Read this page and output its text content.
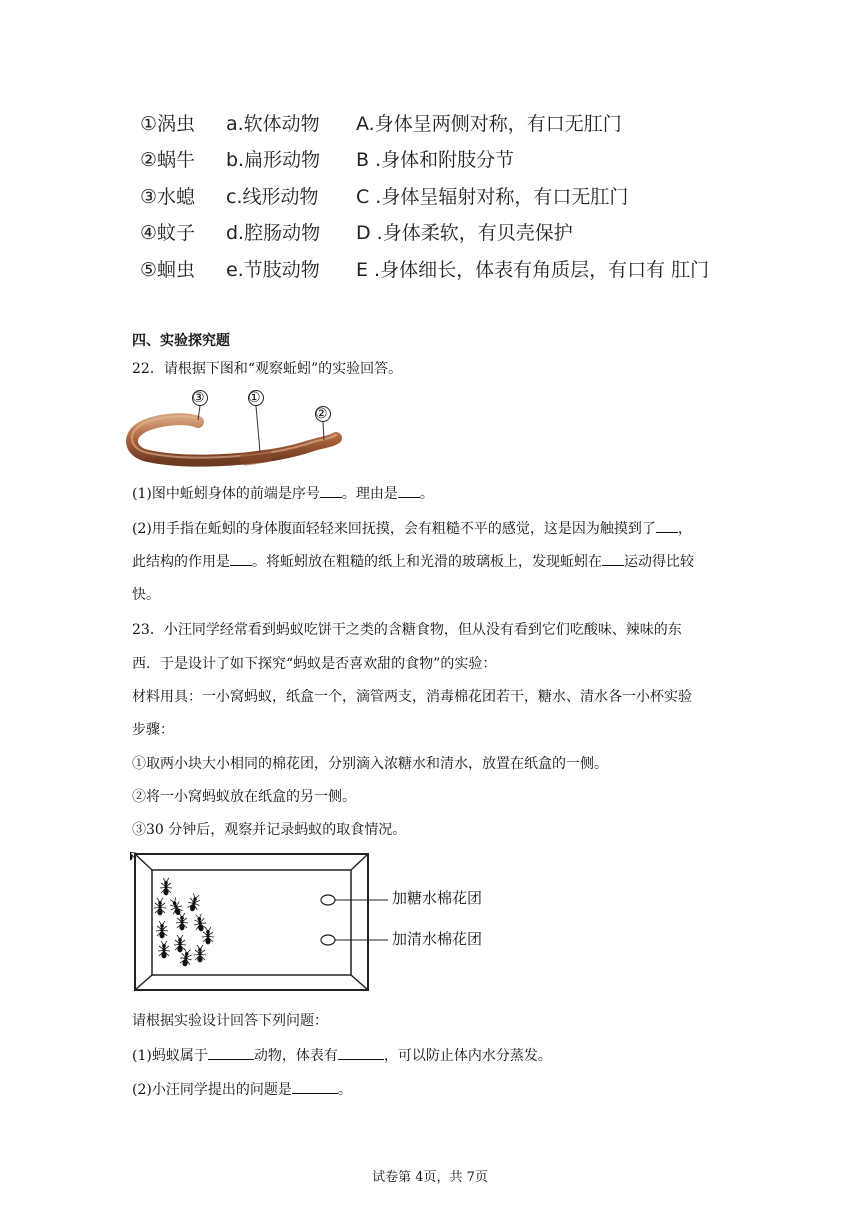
①涡虫	a.软体动物	A.身体呈两侧对称，有口无肛门
②蜗牛	b.扁形动物	B .身体和附肢分节
③水螅	c.线形动物	C .身体呈辐射对称，有口无肛门
④蚊子	d.腔肠动物	D .身体柔软，有贝壳保护
⑤蛔虫	e.节肢动物	E .身体细长，体表有角质层，有口有 肛门
四、实验探究题
22．请根据下图和“观察蚯蚓”的实验回答。
③	①
②
(1)图中蚯蚓身体的前端是序号 。理由是 。
(2)用手指在蚯蚓的身体腹面轻轻来回抚摸，会有粗糙不平的感觉，这是因为触摸到了 ，
此结构的作用是 。将蚯蚓放在粗糙的纸上和光滑的玻璃板上，发现蚯蚓在 运动得比较
快。
23．小汪同学经常看到蚂蚁吃饼干之类的含糖食物，但从没有看到它们吃酸味、辣味的东
西．于是设计了如下探究“蚂蚁是否喜欢甜的食物”的实验：
材料用具：一小窝蚂蚁，纸盒一个，滴管两支，消毒棉花团若干，糖水、清水各一小杯实验
步骤：
①取两小块大小相同的棉花团，分别滴入浓糖水和清水，放置在纸盒的一侧。
②将一小窝蚂蚁放在纸盒的另一侧。
③30 分钟后，观察并记录蚂蚁的取食情况。
加糖水棉花团
加清水棉花团
请根据实验设计回答下列问题：
(1)蚂蚁属于	动物，体表有	，可以防止体内水分蒸发。
(2)小汪同学提出的问题是	。
试卷第 4页，共 7页
